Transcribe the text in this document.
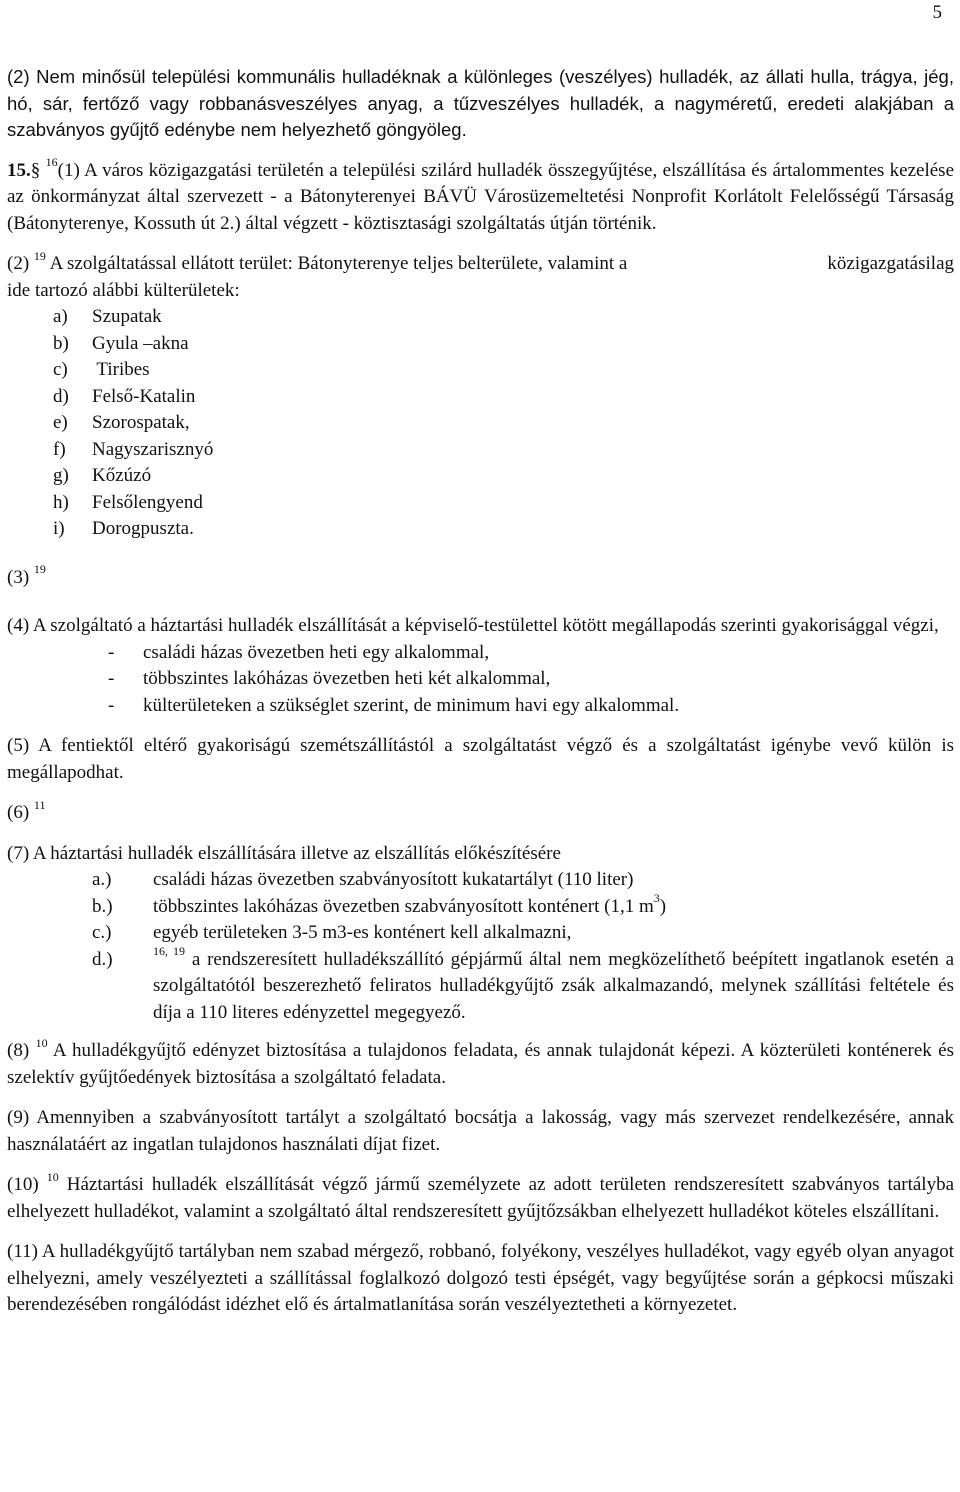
5

(2) Nem minősül települési kommunális hulladéknak a különleges (veszélyes) hulladék, az állati hulla, trágya, jég, hó, sár, fertőző vagy robbanásveszélyes anyag, a tűzveszélyes hulladék, a nagyméretű, eredeti alakjában a szabványos gyűjtő edénybe nem helyezhető göngyöleg.

15.§ $^{16}$(1) A város közigazgatási területén a települési szilárd hulladék összegyűjtése, elszállítása és ártalommentes kezelése az önkormányzat által szervezett - a Bátonyterenyei BÁVÜ Városüzemeltetési Nonprofit Korlátolt Felelősségű Társaság (Bátonyterenye, Kossuth út 2.) által végzett - köztisztasági szolgáltatás útján történik.

(2) $^{19}$ A szolgáltatással ellátott terület: Bátonyterenye teljes belterülete, valamint a	közigazgatásilag

ide tartozó alábbi külterületek:

a) Szupatak
b) Gyula –akna
c) Tiribes
d) Felső-Katalin
e) Szorospatak,
f) Nagyszarisznyó
g) Kőzúzó
h) Felsőlengyend
i) Dorogpuszta.

(3) $^{19}$

(4) A szolgáltató a háztartási hulladék elszállítását a képviselő-testülettel kötött megállapodás szerinti gyakorisággal végzi,

- családi házas övezetben heti egy alkalommal,
- többszintes lakóházas övezetben heti két alkalommal,
- külterületeken a szükséglet szerint, de minimum havi egy alkalommal.

(5) A fentiektől eltérő gyakoriságú szemétszállítástól a szolgáltatást végző és a szolgáltatást igénybe vevő külön is megállapodhat.

(6) $^{11}$

(7) A háztartási hulladék elszállítására illetve az elszállítás előkészítésére

a.)	családi házas övezetben szabványosított kukatartályt (110 liter)
b.)	többszintes lakóházas övezetben szabványosított konténert (1,1 $m^3$)
c.)	egyéb területeken 3-5 m3-es konténert kell alkalmazni,
d.)	$^{16, 19}$ a rendszeresített hulladékszállító gépjármű által nem megközelíthető beépített ingatlanok esetén a szolgáltatótól beszerezhető feliratos hulladékgyűjtő zsák alkalmazandó, melynek szállítási feltétele és díja a 110 literes edényzettel megegyező.

(8) $^{10}$ A hulladékgyűjtő edényzet biztosítása a tulajdonos feladata, és annak tulajdonát képezi. A közterületi konténerek és szelektív gyűjtőedények biztosítása a szolgáltató feladata.

(9) Amennyiben a szabványosított tartályt a szolgáltató bocsátja a lakosság, vagy más szervezet rendelkezésére, annak használatáért az ingatlan tulajdonos használati díjat fizet.

(10) $^{10}$ Háztartási hulladék elszállítását végző jármű személyzete az adott területen rendszeresített szabványos tartályba elhelyezett hulladékot, valamint a szolgáltató által rendszeresített gyűjtőzsákban elhelyezett hulladékot köteles elszállítani.

(11) A hulladékgyűjtő tartályban nem szabad mérgező, robbanó, folyékony, veszélyes hulladékot, vagy egyéb olyan anyagot elhelyezni, amely veszélyezteti a szállítással foglalkozó dolgozó testi épségét, vagy begyűjtése során a gépkocsi műszaki berendezésében rongálódást idézhet elő és ártalmatlanítása során veszélyeztetheti a környezetet.
